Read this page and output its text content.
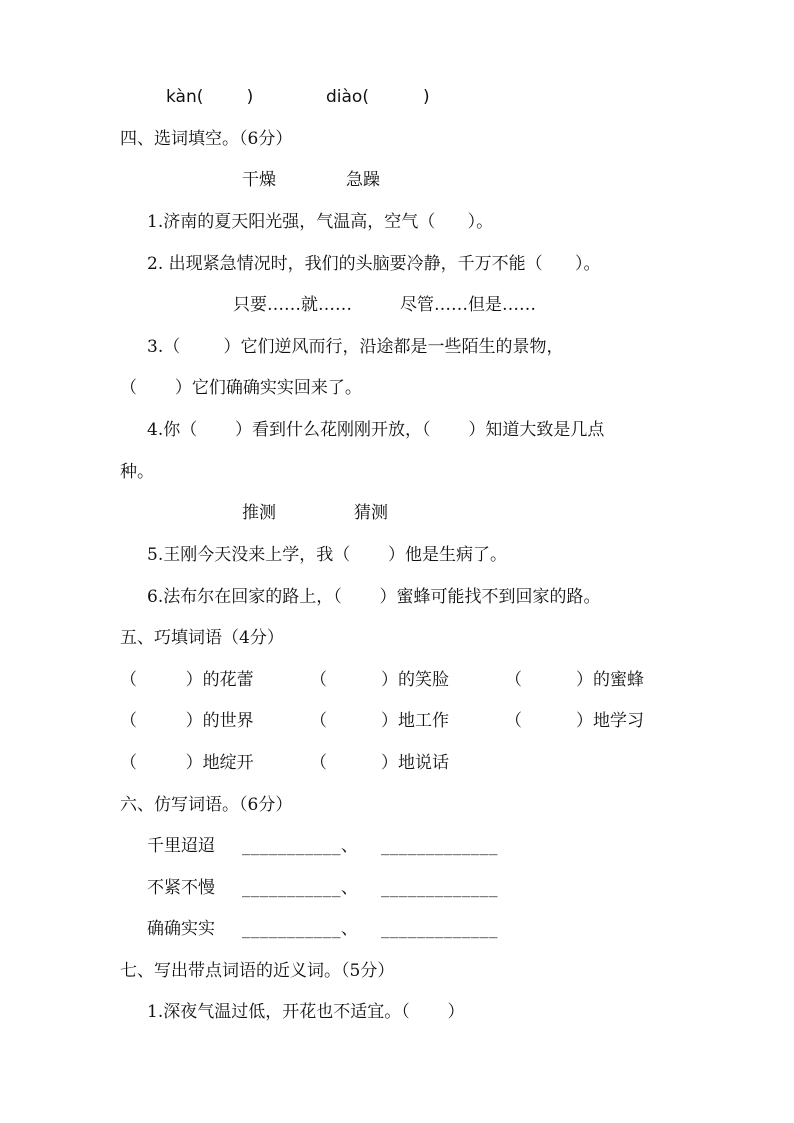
kàn(        )	diào(          )
四、选词填空。（6分）
干燥	急躁
1.济南的夏天阳光强，气温高，空气（      ）。
2. 出现紧急情况时，我们的头脑要冷静，千万不能（      ）。
只要……就……	尽管……但是……
3.（        ）它们逆风而行，沿途都是一些陌生的景物，
（       ）它们确确实实回来了。
4.你（       ）看到什么花刚刚开放，（       ）知道大致是几点
种。
推测	猜测
5.王刚今天没来上学，我（       ）他是生病了。
6.法布尔在回家的路上，（       ）蜜蜂可能找不到回家的路。
五、巧填词语（4分）
（         ）的花蕾	（          ）的笑脸	（          ）的蜜蜂
（         ）的世界	（          ）地工作	（          ）地学习
（         ）地绽开	（          ）地说话
六、仿写词语。（6分）
千里迢迢 ___________、 _____________
不紧不慢 ___________、 _____________
确确实实 ___________、 _____________
七、写出带点词语的近义词。（5分）
1.深夜气温过低，开花也不适宜。（       ）
